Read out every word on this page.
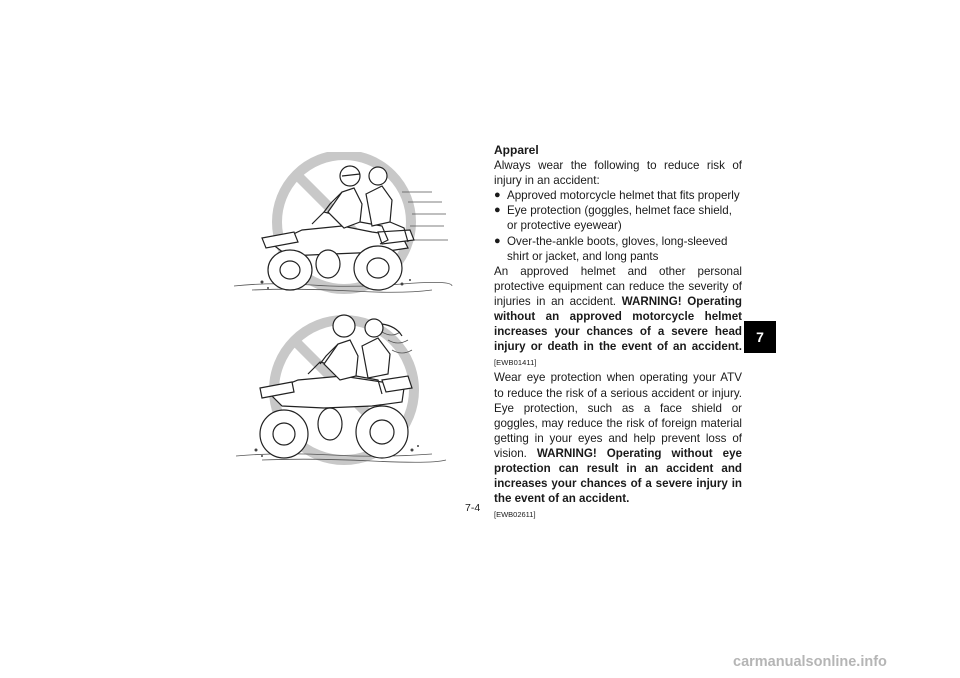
Apparel

Always wear the following to reduce risk of injury in an accident:

● Approved motorcycle helmet that fits properly
● Eye protection (goggles, helmet face shield, or protective eyewear)
● Over-the-ankle boots, gloves, long-sleeved shirt or jacket, and long pants

An approved helmet and other personal protective equipment can reduce the severity of injuries in an accident. WARNING! Operating without an approved motorcycle helmet increases your chances of a severe head injury or death in the event of an accident. [EWB01411]

Wear eye protection when operating your ATV to reduce the risk of a serious accident or injury. Eye protection, such as a face shield or goggles, may reduce the risk of foreign material getting in your eyes and help prevent loss of vision. WARNING! Operating without eye protection can result in an accident and increases your chances of a severe injury in the event of an accident.

[EWB02611]
7
7-4
carmanualsonline.info
